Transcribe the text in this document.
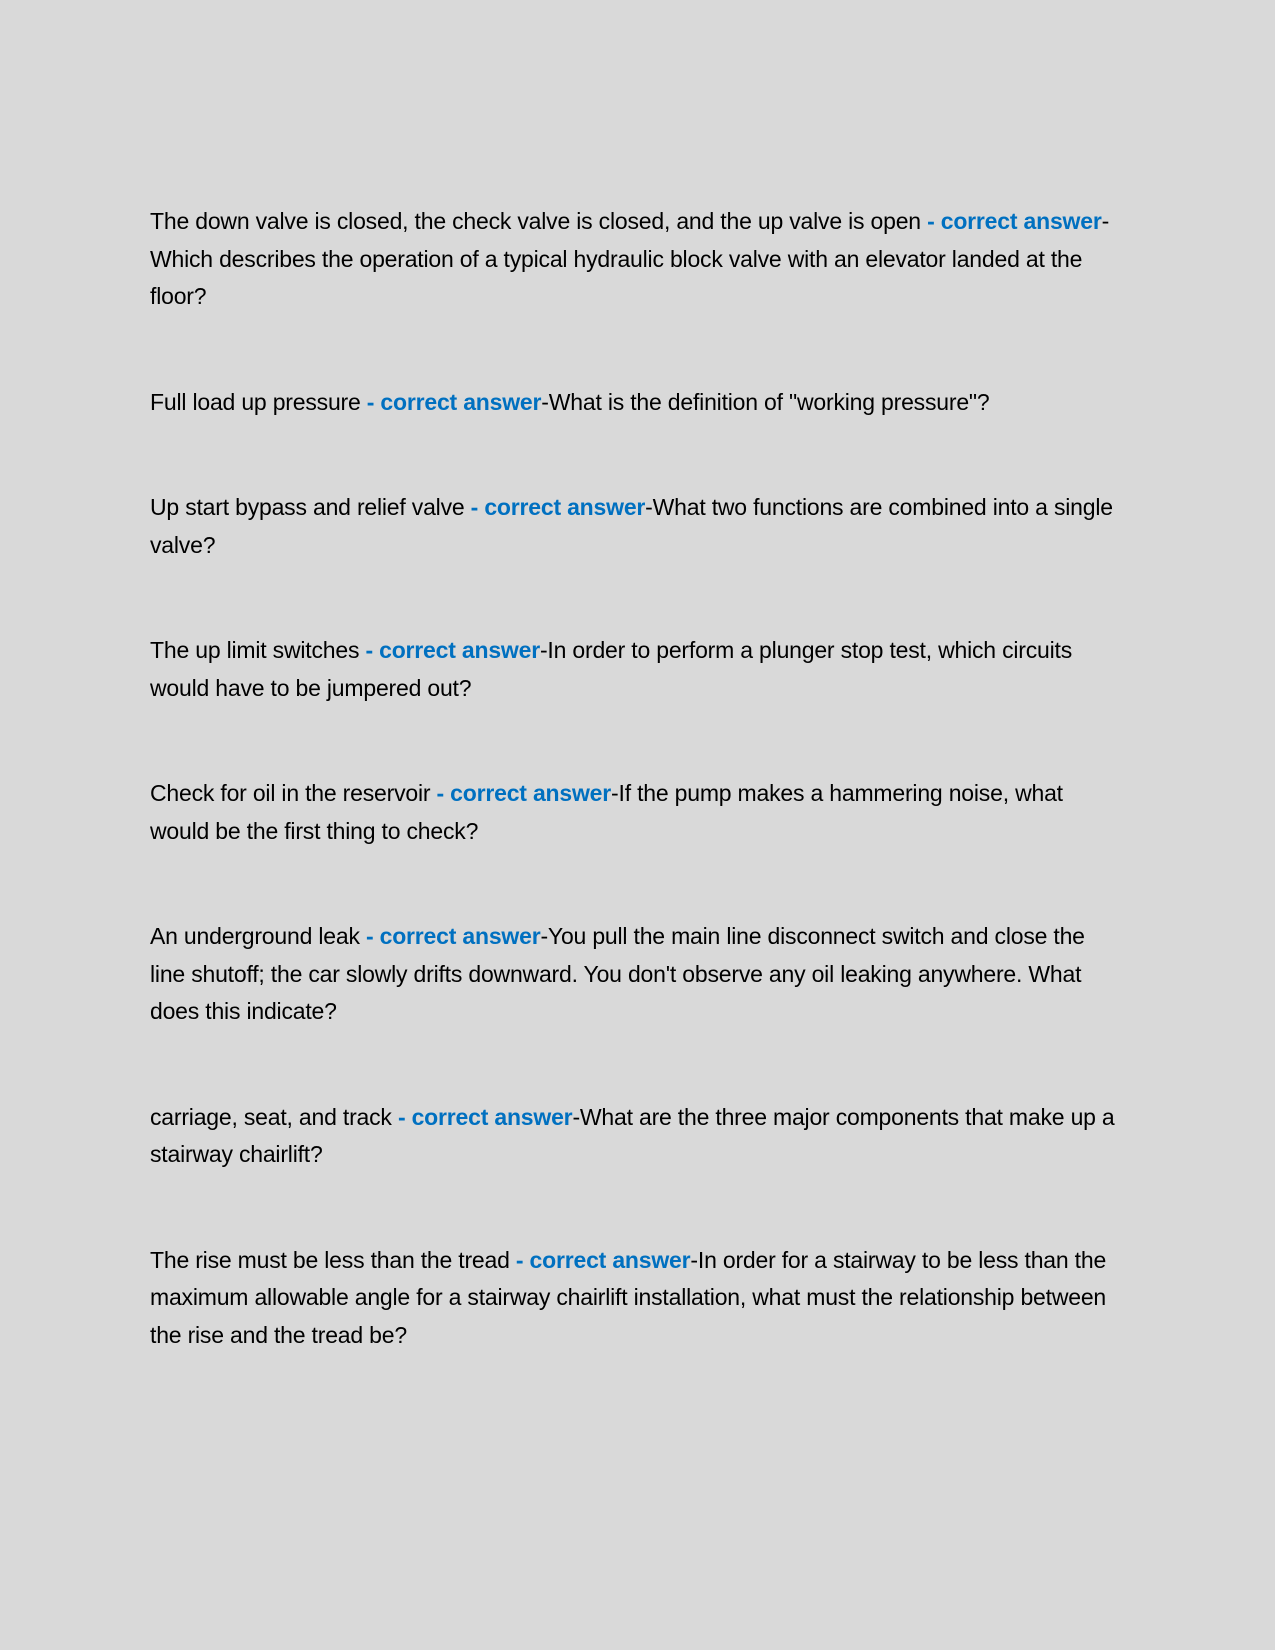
The down valve is closed, the check valve is closed, and the up valve is open - correct answer-Which describes the operation of a typical hydraulic block valve with an elevator landed at the floor?

Full load up pressure - correct answer-What is the definition of "working pressure"?

Up start bypass and relief valve - correct answer-What two functions are combined into a single valve?

The up limit switches - correct answer-In order to perform a plunger stop test, which circuits would have to be jumpered out?

Check for oil in the reservoir - correct answer-If the pump makes a hammering noise, what would be the first thing to check?

An underground leak - correct answer-You pull the main line disconnect switch and close the line shutoff; the car slowly drifts downward. You don't observe any oil leaking anywhere. What does this indicate?

carriage, seat, and track - correct answer-What are the three major components that make up a stairway chairlift?

The rise must be less than the tread - correct answer-In order for a stairway to be less than the maximum allowable angle for a stairway chairlift installation, what must the relationship between the rise and the tread be?
